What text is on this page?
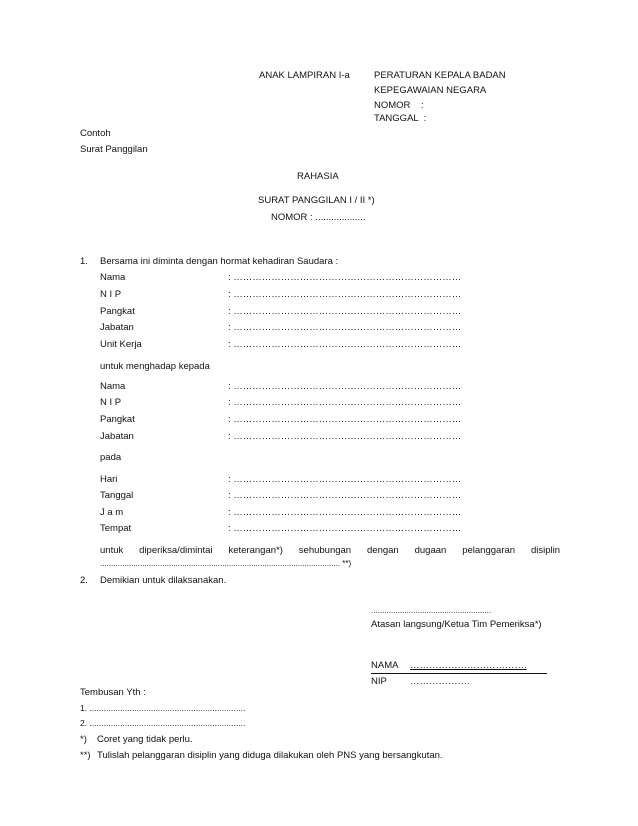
ANAK LAMPIRAN I-a	PERATURAN KEPALA BADAN
KEPEGAWAIAN NEGARA
NOMOR    :
TANGGAL  :
Contoh
Surat Panggilan
RAHASIA
SURAT PANGGILAN I / II *)
NOMOR : ...................
1. Bersama ini diminta dengan hormat kehadiran Saudara :
Nama	: ………………………………………………………………
N I P	: ………………………………………………………………
Pangkat	: ………………………………………………………………
Jabatan	: ………………………………………………………………
Unit Kerja	: ………………………………………………………………
untuk menghadap kepada
Nama	: ………………………………………………………………
N I P	: ………………………………………………………………
Pangkat	: ………………………………………………………………
Jabatan	: ………………………………………………………………
pada
Hari	: ………………………………………………………………
Tanggal	: ………………………………………………………………
J a m	: ………………………………………………………………
Tempat	: ………………………………………………………………
untuk diperiksa/dimintai keterangan*) sehubungan dengan dugaan pelanggaran disiplin
............................................................................................................ **)
2. Demikian untuk dilaksanakan.
......................................................
Atasan langsung/Ketua Tim Pemeriksa*)
NAMA ……………………………….
NIP ……………….
Tembusan Yth :
1. ..................................................................
2. ..................................................................
*) Coret yang tidak perlu.
**) Tulislah pelanggaran disiplin yang diduga dilakukan oleh PNS yang bersangkutan.
